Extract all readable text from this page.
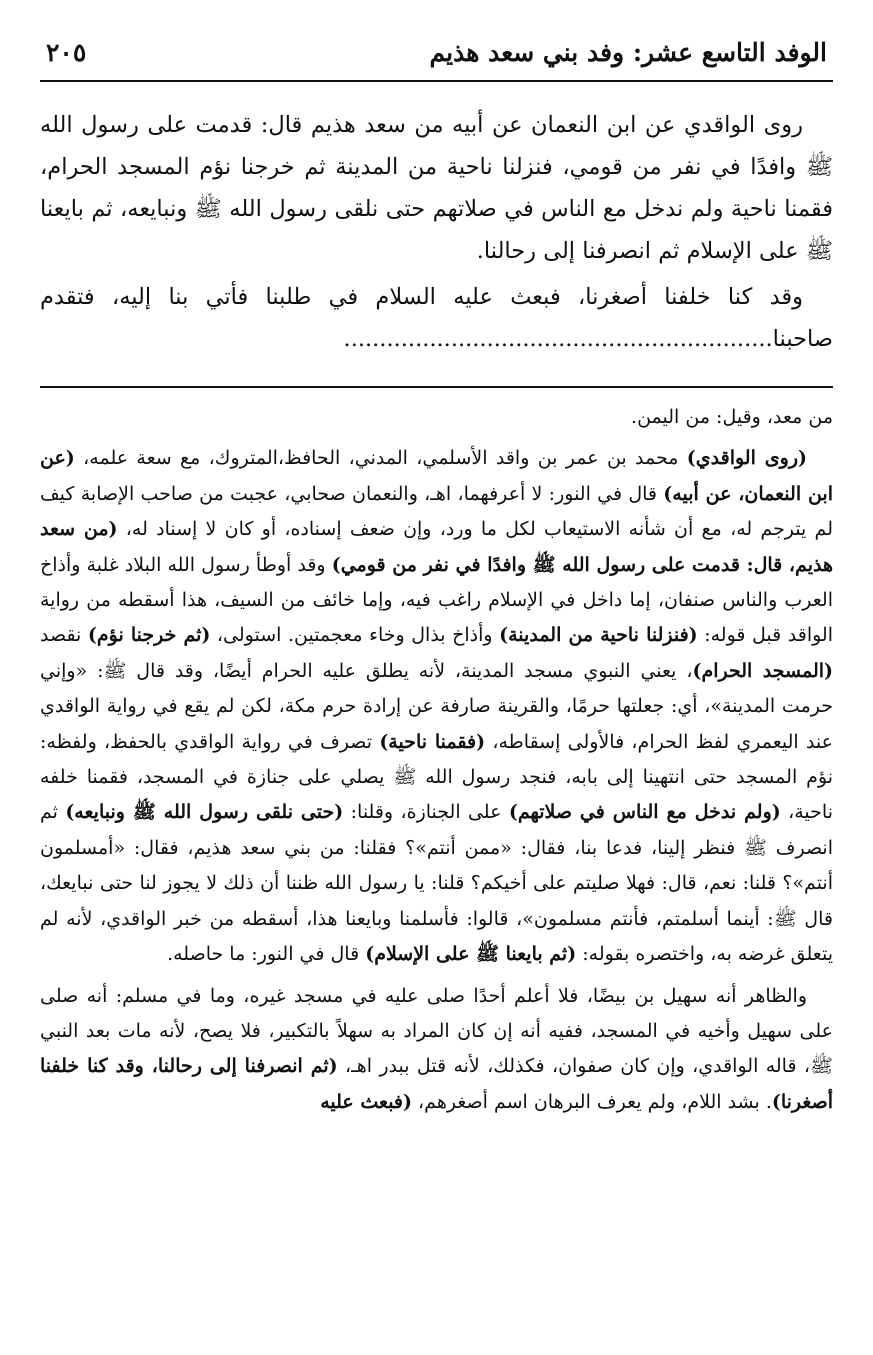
الوفد التاسع عشر: وفد بني سعد هذيم
٢٠٥

روى الواقدي عن ابن النعمان عن أبيه من سعد هذيم قال: قدمت على رسول الله ﷺ وافدًا في نفر من قومي، فنزلنا ناحية من المدينة ثم خرجنا نؤم المسجد الحرام، فقمنا ناحية ولم ندخل مع الناس في صلاتهم حتى نلقى رسول الله ﷺ ونبايعه، ثم بايعنا ﷺ على الإسلام ثم انصرفنا إلى رحالنا.

وقد كنا خلفنا أصغرنا، فبعث عليه السلام في طلبنا فأتي بنا إليه، فتقدم صاحبنا............................................................

من معد، وقيل: من اليمن.

(روى الواقدي) محمد بن عمر بن واقد الأسلمي، المدني، الحافظ،المتروك، مع سعة علمه، (عن ابن النعمان، عن أبيه) قال في النور: لا أعرفهما، اهـ، والنعمان صحابي، عجبت من صاحب الإصابة كيف لم يترجم له، مع أن شأنه الاستيعاب لكل ما ورد، وإن ضعف إسناده، أو كان لا إسناد له، (من سعد هذيم، قال: قدمت على رسول الله ﷺ وافدًا في نفر من قومي) وقد أوطأ رسول الله البلاد غلبة وأذاخ العرب والناس صنفان، إما داخل في الإسلام راغب فيه، وإما خائف من السيف، هذا أسقطه من رواية الواقد قبل قوله: (فنزلنا ناحية من المدينة) وأذاخ بذال وخاء معجمتين. استولى، (ثم خرجنا نؤم) نقصد (المسجد الحرام)، يعني النبوي مسجد المدينة، لأنه يطلق عليه الحرام أيضًا، وقد قال ﷺ: «وإني حرمت المدينة»، أي: جعلتها حرمًا، والقرينة صارفة عن إرادة حرم مكة، لكن لم يقع في رواية الواقدي عند اليعمري لفظ الحرام، فالأولى إسقاطه، (فقمنا ناحية) تصرف في رواية الواقدي بالحفظ، ولفظه: نؤم المسجد حتى انتهينا إلى بابه، فنجد رسول الله ﷺ يصلي على جنازة في المسجد، فقمنا خلفه ناحية، (ولم ندخل مع الناس في صلاتهم) على الجنازة، وقلنا: (حتى نلقى رسول الله ﷺ ونبايعه) ثم انصرف ﷺ فنظر إلينا، فدعا بنا، فقال: «ممن أنتم»؟ فقلنا: من بني سعد هذيم، فقال: «أمسلمون أنتم»؟ قلنا: نعم، قال: فهلا صليتم على أخيكم؟ قلنا: يا رسول الله ظننا أن ذلك لا يجوز لنا حتى نبايعك، قال ﷺ: أينما أسلمتم، فأنتم مسلمون»، قالوا: فأسلمنا وبايعنا هذا، أسقطه من خبر الواقدي، لأنه لم يتعلق غرضه به، واختصره بقوله: (ثم بايعنا ﷺ على الإسلام) قال في النور: ما حاصله.

والظاهر أنه سهيل بن بيضًا، فلا أعلم أحدًا صلى عليه في مسجد غيره، وما في مسلم: أنه صلى على سهيل وأخيه في المسجد، ففيه أنه إن كان المراد به سهلاً بالتكبير، فلا يصح، لأنه مات بعد النبي ﷺ، قاله الواقدي، وإن كان صفوان، فكذلك، لأنه قتل ببدر اهـ، (ثم انصرفنا إلى رحالنا، وقد كنا خلفنا أصغرنا). بشد اللام، ولم يعرف البرهان اسم أصغرهم، (فبعث عليه
